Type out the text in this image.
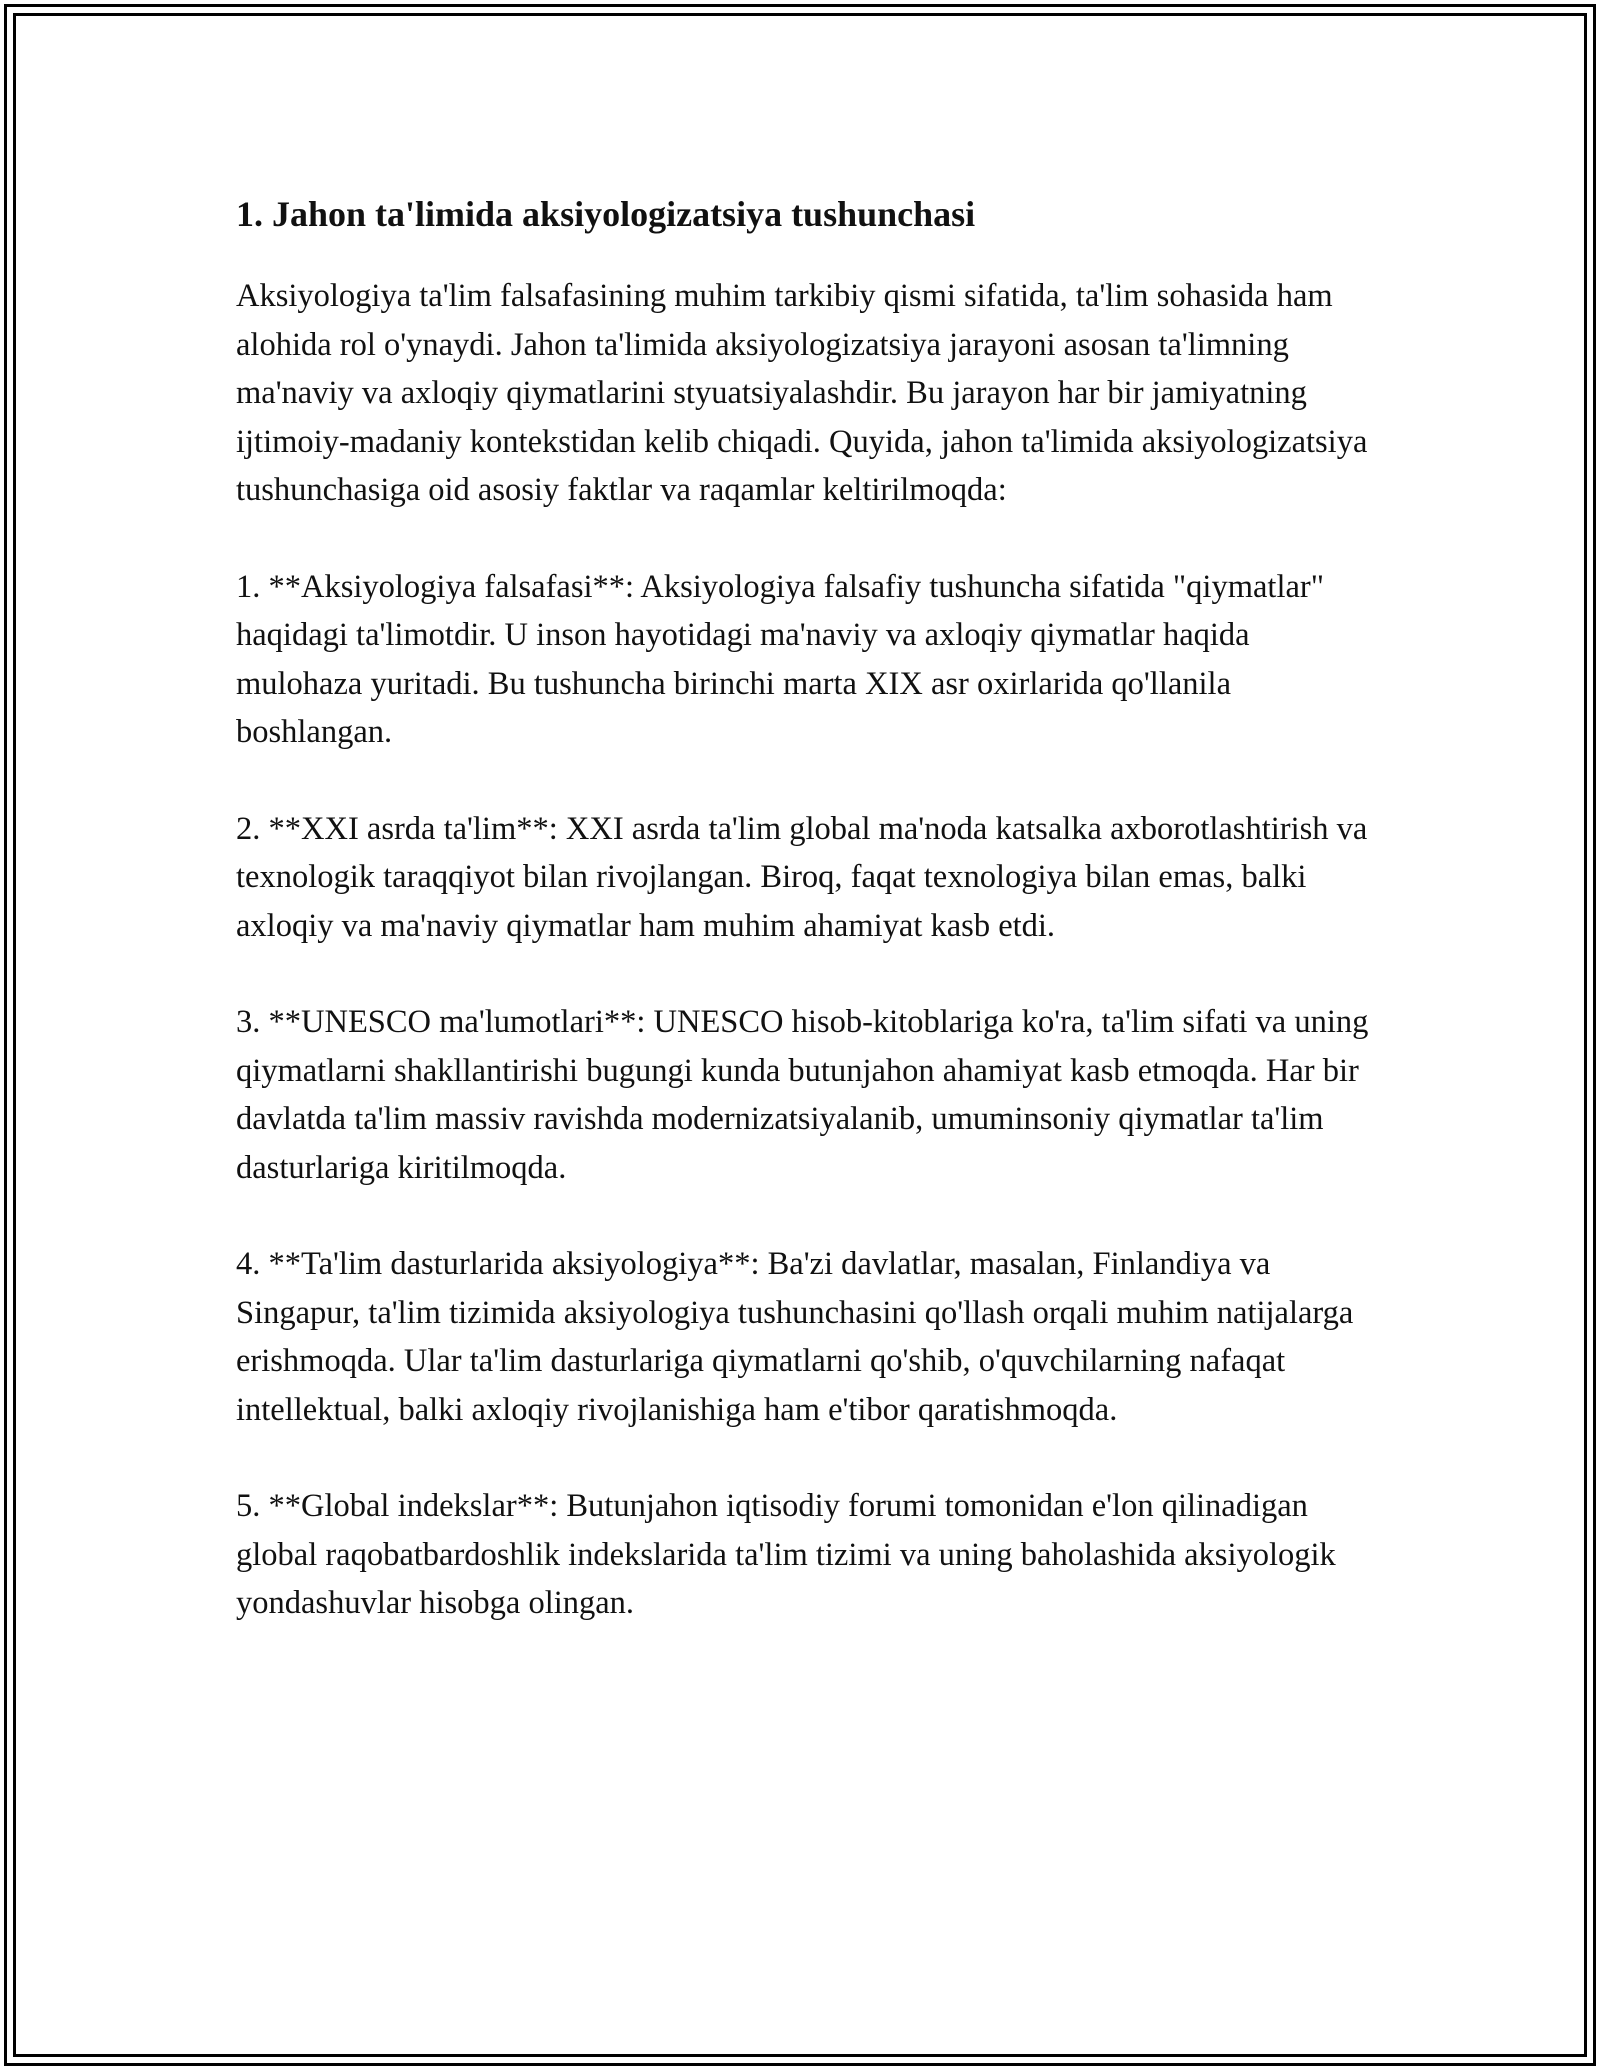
1. Jahon ta'limida aksiyologizatsiya tushunchasi

Aksiyologiya ta'lim falsafasining muhim tarkibiy qismi sifatida, ta'lim sohasida ham alohida rol o'ynaydi. Jahon ta'limida aksiyologizatsiya jarayoni asosan ta'limning ma'naviy va axloqiy qiymatlarini styuatsiyalashdir. Bu jarayon har bir jamiyatning ijtimoiy-madaniy kontekstidan kelib chiqadi. Quyida, jahon ta'limida aksiyologizatsiya tushunchasiga oid asosiy faktlar va raqamlar keltirilmoqda:

1. **Aksiyologiya falsafasi**: Aksiyologiya falsafiy tushuncha sifatida "qiymatlar" haqidagi ta'limotdir. U inson hayotidagi ma'naviy va axloqiy qiymatlar haqida mulohaza yuritadi. Bu tushuncha birinchi marta XIX asr oxirlarida qo'llanila boshlangan.

2. **XXI asrda ta'lim**: XXI asrda ta'lim global ma'noda katsalka axborotlashtirish va texnologik taraqqiyot bilan rivojlangan. Biroq, faqat texnologiya bilan emas, balki axloqiy va ma'naviy qiymatlar ham muhim ahamiyat kasb etdi.

3. **UNESCO ma'lumotlari**: UNESCO hisob-kitoblariga ko'ra, ta'lim sifati va uning qiymatlarni shakllantirishi bugungi kunda butunjahon ahamiyat kasb etmoqda. Har bir davlatda ta'lim massiv ravishda modernizatsiyalanib, umuminsoniy qiymatlar ta'lim dasturlariga kiritilmoqda.

4. **Ta'lim dasturlarida aksiyologiya**: Ba'zi davlatlar, masalan, Finlandiya va Singapur, ta'lim tizimida aksiyologiya tushunchasini qo'llash orqali muhim natijalarga erishmoqda. Ular ta'lim dasturlariga qiymatlarni qo'shib, o'quvchilarning nafaqat intellektual, balki axloqiy rivojlanishiga ham e'tibor qaratishmoqda.

5. **Global indekslar**: Butunjahon iqtisodiy forumi tomonidan e'lon qilinadigan global raqobatbardoshlik indekslarida ta'lim tizimi va uning baholashida aksiyologik yondashuvlar hisobga olingan.
